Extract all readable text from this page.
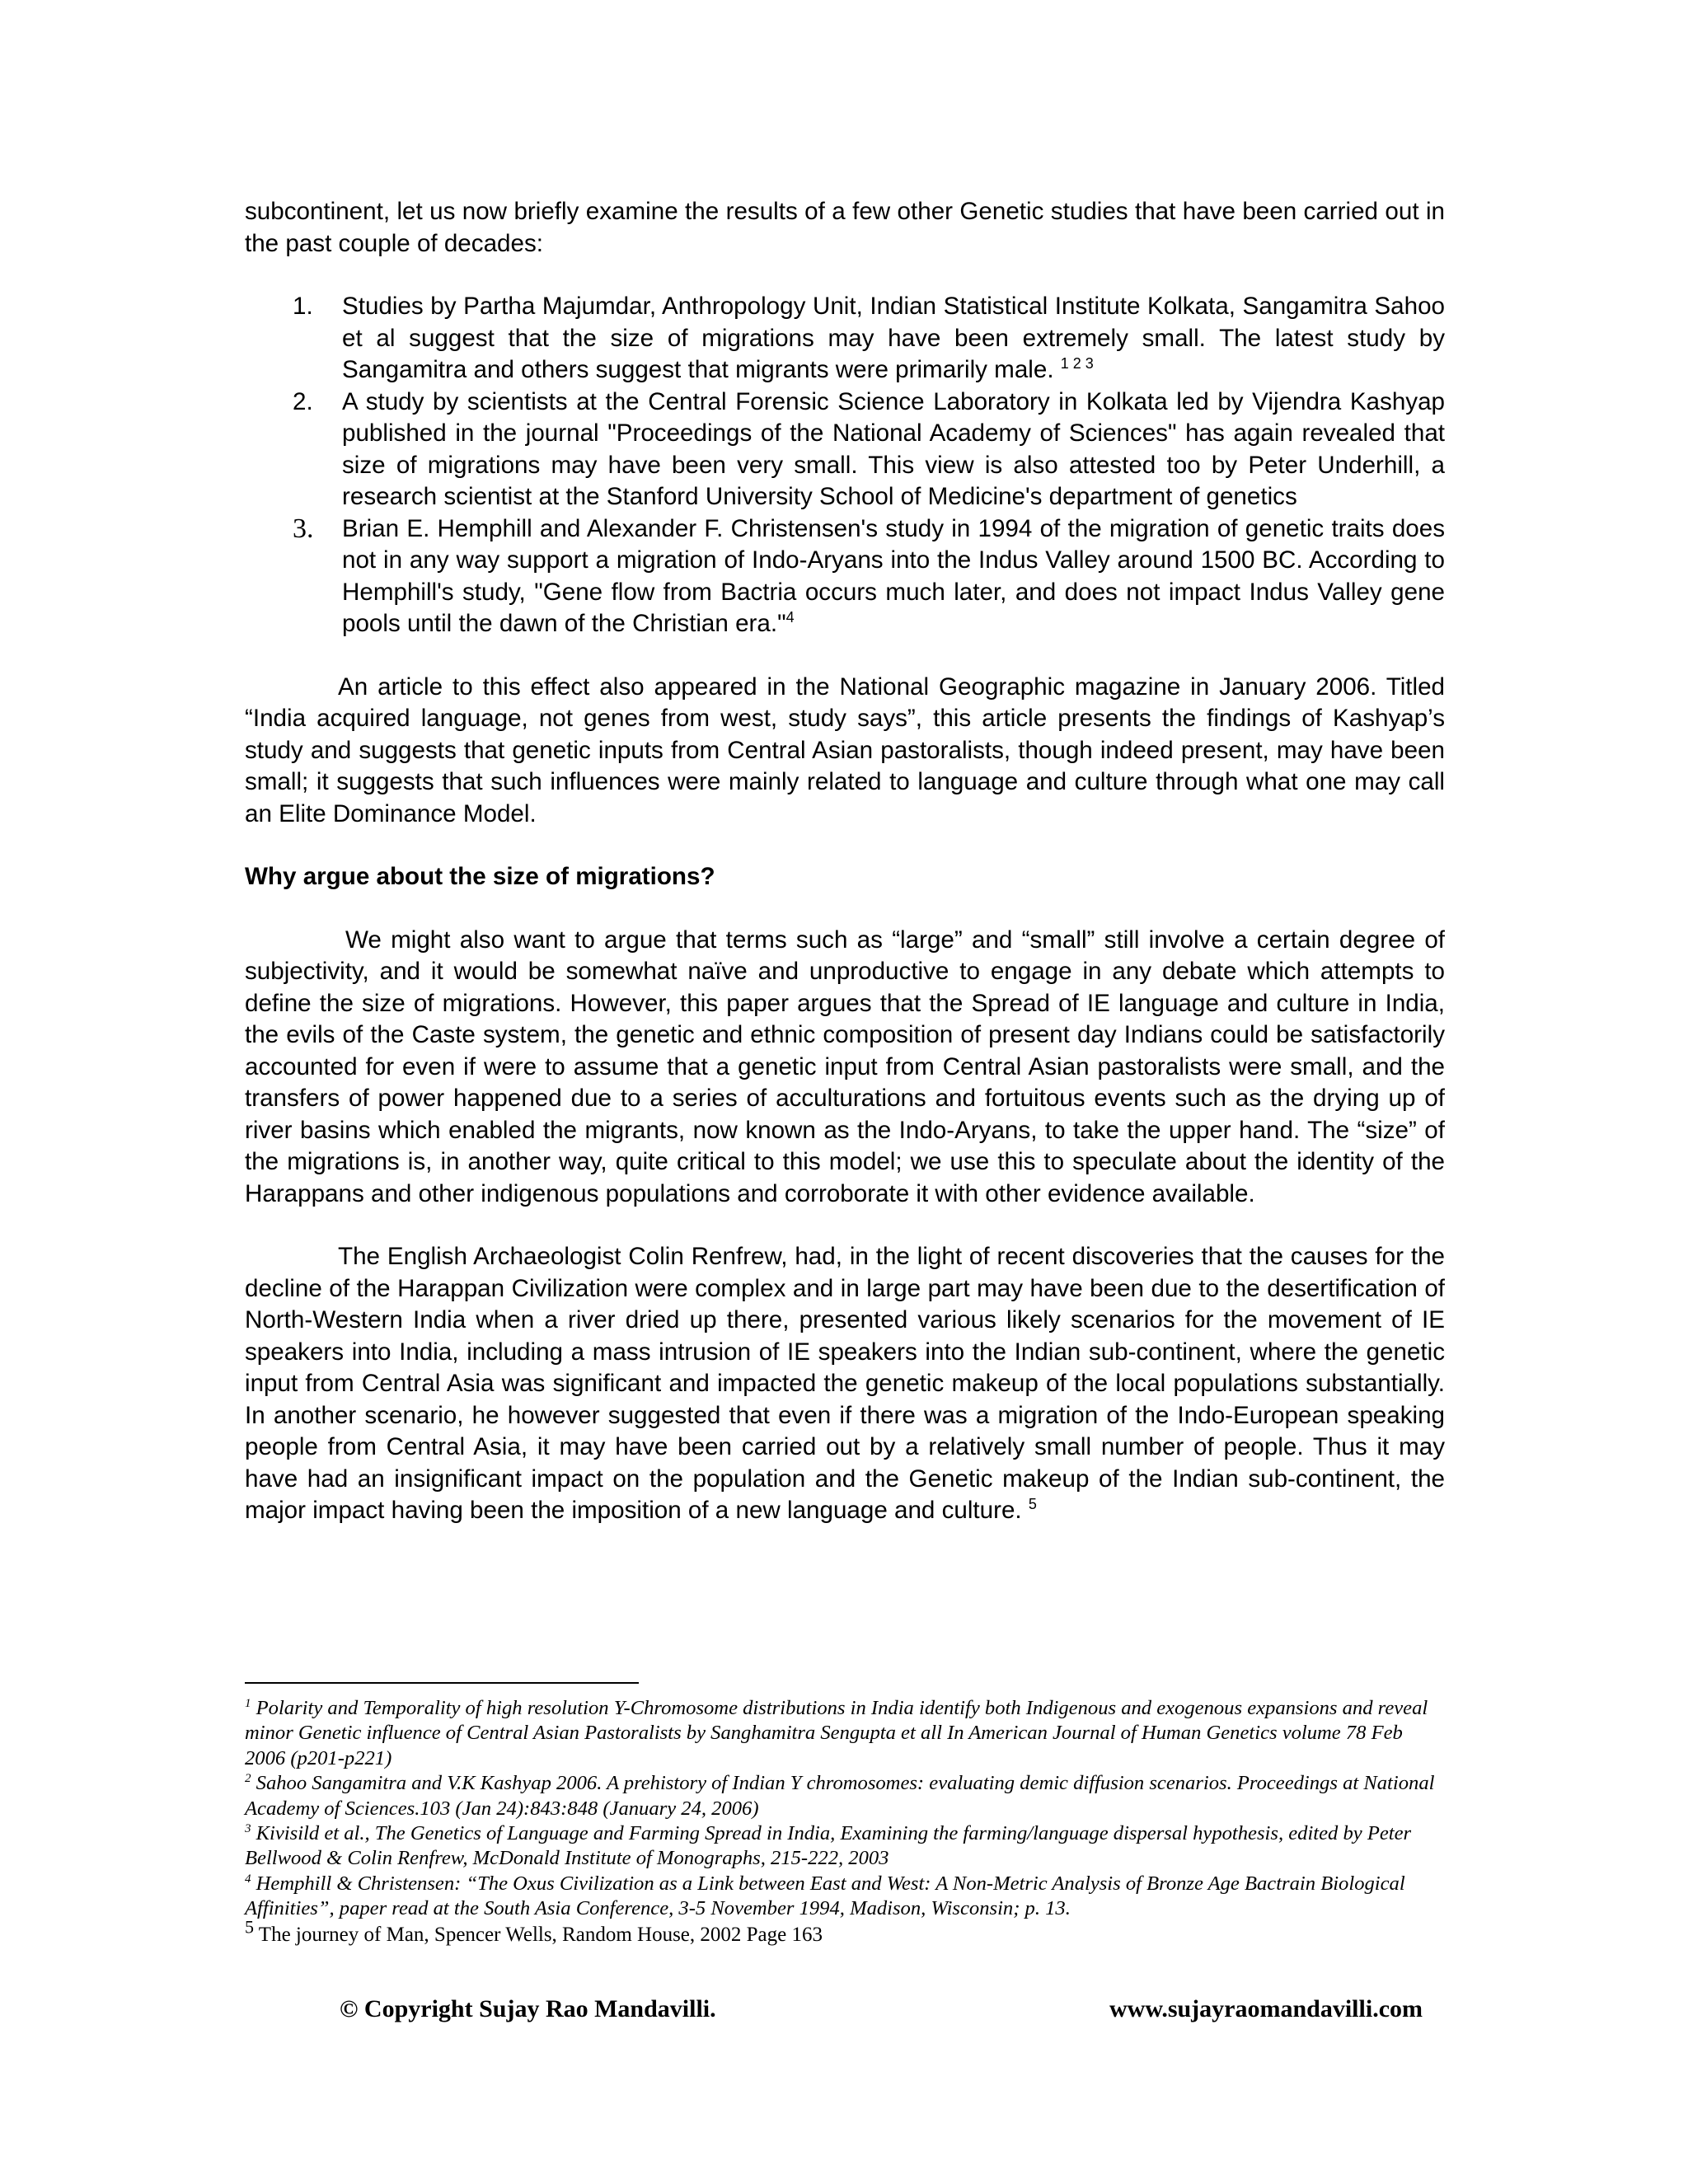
subcontinent, let us now briefly examine the results of a few other Genetic studies that have been carried out in the past couple of decades:

1. Studies by Partha Majumdar, Anthropology Unit, Indian Statistical Institute Kolkata, Sangamitra Sahoo et al suggest that the size of migrations may have been extremely small. The latest study by Sangamitra and others suggest that migrants were primarily male. $^{1 2 3}$
2. A study by scientists at the Central Forensic Science Laboratory in Kolkata led by Vijendra Kashyap published in the journal "Proceedings of the National Academy of Sciences" has again revealed that size of migrations may have been very small. This view is also attested too by Peter Underhill, a research scientist at the Stanford University School of Medicine's department of genetics
3. Brian E. Hemphill and Alexander F. Christensen's study in 1994 of the migration of genetic traits does not in any way support a migration of Indo-Aryans into the Indus Valley around 1500 BC. According to Hemphill's study, "Gene flow from Bactria occurs much later, and does not impact Indus Valley gene pools until the dawn of the Christian era."$^4$

An article to this effect also appeared in the National Geographic magazine in January 2006. Titled “India acquired language, not genes from west, study says”, this article presents the findings of Kashyap’s study and suggests that genetic inputs from Central Asian pastoralists, though indeed present, may have been small; it suggests that such influences were mainly related to language and culture through what one may call an Elite Dominance Model.

Why argue about the size of migrations?

We might also want to argue that terms such as “large” and “small” still involve a certain degree of subjectivity, and it would be somewhat naïve and unproductive to engage in any debate which attempts to define the size of migrations. However, this paper argues that the Spread of IE language and culture in India, the evils of the Caste system, the genetic and ethnic composition of present day Indians could be satisfactorily accounted for even if were to assume that a genetic input from Central Asian pastoralists were small, and the transfers of power happened due to a series of acculturations and fortuitous events such as the drying up of river basins which enabled the migrants, now known as the Indo-Aryans, to take the upper hand. The “size” of the migrations is, in another way, quite critical to this model; we use this to speculate about the identity of the Harappans and other indigenous populations and corroborate it with other evidence available.

The English Archaeologist Colin Renfrew, had, in the light of recent discoveries that the causes for the decline of the Harappan Civilization were complex and in large part may have been due to the desertification of North-Western India when a river dried up there, presented various likely scenarios for the movement of IE speakers into India, including a mass intrusion of IE speakers into the Indian sub-continent, where the genetic input from Central Asia was significant and impacted the genetic makeup of the local populations substantially. In another scenario, he however suggested that even if there was a migration of the Indo-European speaking people from Central Asia, it may have been carried out by a relatively small number of people. Thus it may have had an insignificant impact on the population and the Genetic makeup of the Indian sub-continent, the major impact having been the imposition of a new language and culture. $^5$

$^1$ Polarity and Temporality of high resolution Y-Chromosome distributions in India identify both Indigenous and exogenous expansions and reveal minor Genetic influence of Central Asian Pastoralists by Sanghamitra Sengupta et all In American Journal of Human Genetics volume 78 Feb 2006 (p201-p221)

$^2$ Sahoo Sangamitra and V.K Kashyap 2006. A prehistory of Indian Y chromosomes: evaluating demic diffusion scenarios. Proceedings at National Academy of Sciences.103 (Jan 24):843:848 (January 24, 2006)

$^3$ Kivisild et al., The Genetics of Language and Farming Spread in India, Examining the farming/language dispersal hypothesis, edited by Peter Bellwood & Colin Renfrew, McDonald Institute of Monographs, 215-222, 2003

$^4$ Hemphill & Christensen: “The Oxus Civilization as a Link between East and West: A Non-Metric Analysis of Bronze Age Bactrain Biological Affinities”, paper read at the South Asia Conference, 3-5 November 1994, Madison, Wisconsin; p. 13.

$^5$ The journey of Man, Spencer Wells, Random House, 2002 Page 163

© Copyright Sujay Rao Mandavilli.	www.sujayraomandavilli.com
